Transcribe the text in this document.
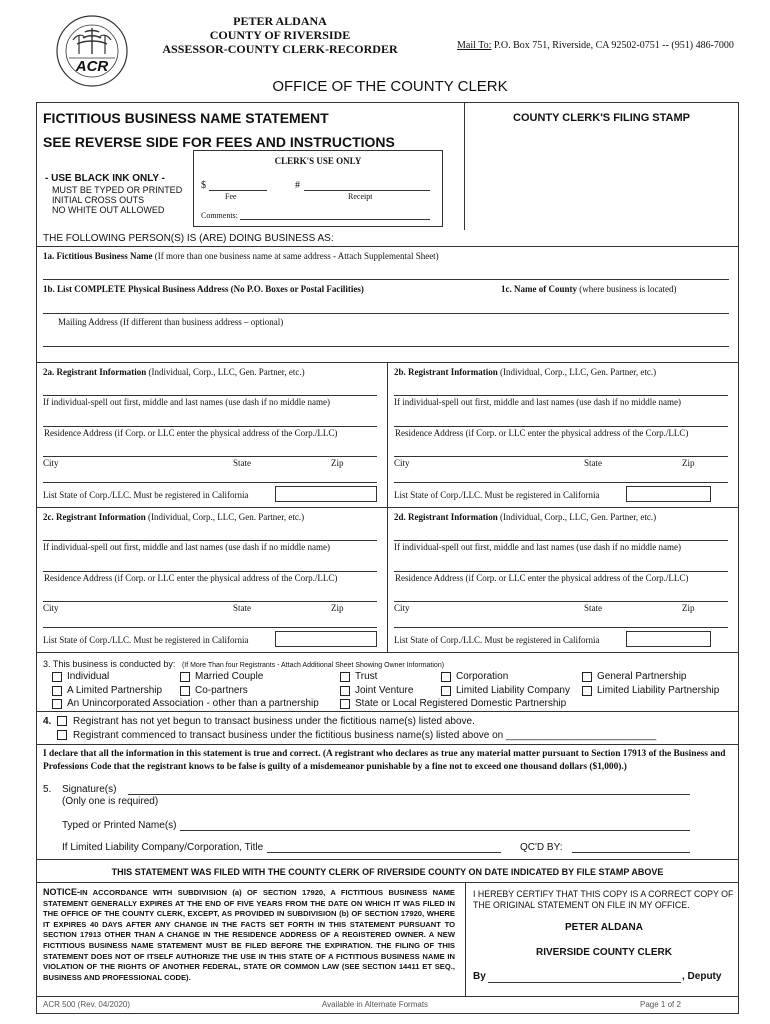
ACR
PETER ALDANA
COUNTY OF RIVERSIDE
ASSESSOR-COUNTY CLERK-RECORDER	Mail To: P.O. Box 751, Riverside, CA 92502-0751 -- (951) 486-7000
OFFICE OF THE COUNTY CLERK
FICTITIOUS BUSINESS NAME STATEMENT
SEE REVERSE SIDE FOR FEES AND INSTRUCTIONS
COUNTY CLERK'S FILING STAMP
- USE BLACK INK ONLY -
MUST BE TYPED OR PRINTED
INITIAL CROSS OUTS
NO WHITE OUT ALLOWED
CLERK'S USE ONLY
$
Fee
#
Receipt
Comments:
THE FOLLOWING PERSON(S) IS (ARE) DOING BUSINESS AS:
1a. Fictitious Business Name (If more than one business name at same address - Attach Supplemental Sheet)
1b. List COMPLETE Physical Business Address (No P.O. Boxes or Postal Facilities)	1c. Name of County (where business is located)
Mailing Address (If different than business address – optional)
2a. Registrant Information (Individual, Corp., LLC, Gen. Partner, etc.)
If individual-spell out first, middle and last names (use dash if no middle name)
Residence Address (if Corp. or LLC enter the physical address of the Corp./LLC)
City	State	Zip
List State of Corp./LLC. Must be registered in California
2b. Registrant Information (Individual, Corp., LLC, Gen. Partner, etc.)
If individual-spell out first, middle and last names (use dash if no middle name)
Residence Address (if Corp. or LLC enter the physical address of the Corp./LLC)
City	State	Zip
List State of Corp./LLC. Must be registered in California
2c. Registrant Information (Individual, Corp., LLC, Gen. Partner, etc.)
If individual-spell out first, middle and last names (use dash if no middle name)
Residence Address (if Corp. or LLC enter the physical address of the Corp./LLC)
City	State	Zip
List State of Corp./LLC. Must be registered in California
2d. Registrant Information (Individual, Corp., LLC, Gen. Partner, etc.)
If individual-spell out first, middle and last names (use dash if no middle name)
Residence Address (if Corp. or LLC enter the physical address of the Corp./LLC)
City	State	Zip
List State of Corp./LLC. Must be registered in California
3. This business is conducted by: (If More Than four Registrants - Attach Additional Sheet Showing Owner Information)
Individual	Married Couple	Trust	Corporation	General Partnership
A Limited Partnership	Co-partners	Joint Venture	Limited Liability Company	Limited Liability Partnership
An Unincorporated Association - other than a partnership	State or Local Registered Domestic Partnership
4. Registrant has not yet begun to transact business under the fictitious name(s) listed above.
Registrant commenced to transact business under the fictitious business name(s) listed above on ___________________________
I declare that all the information in this statement is true and correct. (A registrant who declares as true any material matter pursuant to Section 17913 of the Business and Professions Code that the registrant knows to be false is guilty of a misdemeanor punishable by a fine not to exceed one thousand dollars ($1,000).)
5. Signature(s)
(Only one is required)
Typed or Printed Name(s)
If Limited Liability Company/Corporation, Title	QC'D BY:
THIS STATEMENT WAS FILED WITH THE COUNTY CLERK OF RIVERSIDE COUNTY ON DATE INDICATED BY FILE STAMP ABOVE
NOTICE-IN ACCORDANCE WITH SUBDIVISION (a) OF SECTION 17920, A FICTITIOUS BUSINESS NAME STATEMENT GENERALLY EXPIRES AT THE END OF FIVE YEARS FROM THE DATE ON WHICH IT WAS FILED IN THE OFFICE OF THE COUNTY CLERK, EXCEPT, AS PROVIDED IN SUBDIVISION (b) OF SECTION 17920, WHERE IT EXPIRES 40 DAYS AFTER ANY CHANGE IN THE FACTS SET FORTH IN THIS STATEMENT PURSUANT TO SECTION 17913 OTHER THAN A CHANGE IN THE RESIDENCE ADDRESS OF A REGISTERED OWNER. A NEW FICTITIOUS BUSINESS NAME STATEMENT MUST BE FILED BEFORE THE EXPIRATION. THE FILING OF THIS STATEMENT DOES NOT OF ITSELF AUTHORIZE THE USE IN THIS STATE OF A FICTITIOUS BUSINESS NAME IN VIOLATION OF THE RIGHTS OF ANOTHER FEDERAL, STATE OR COMMON LAW (SEE SECTION 14411 ET SEQ., BUSINESS AND PROFESSIONAL CODE).
I HEREBY CERTIFY THAT THIS COPY IS A CORRECT COPY OF THE ORIGINAL STATEMENT ON FILE IN MY OFFICE.
PETER ALDANA
RIVERSIDE COUNTY CLERK
By	, Deputy
ACR 500 (Rev. 04/2020)	Available in Alternate Formats	Page 1 of 2
